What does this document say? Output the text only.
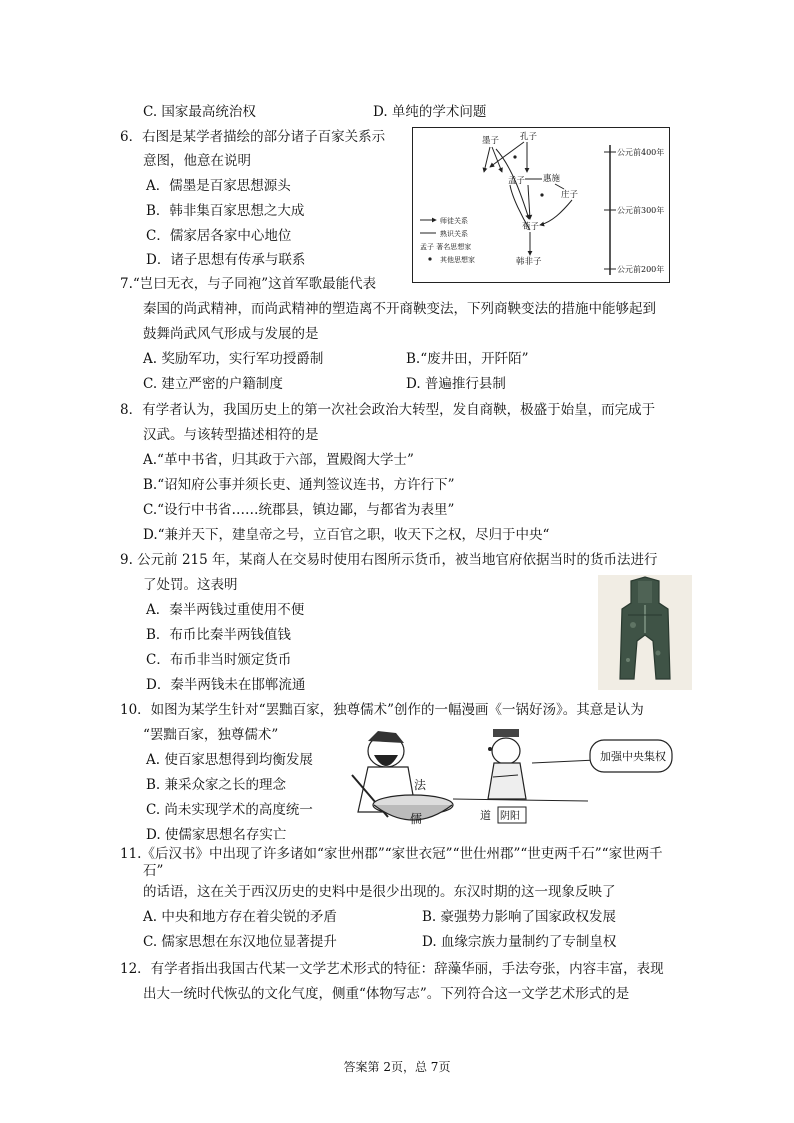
C. 国家最高统治权	D. 单纯的学术问题
6．右图是某学者描绘的部分诸子百家关系示
意图，他意在说明
A．儒墨是百家思想源头
B．韩非集百家思想之大成
C．儒家居各家中心地位
D．诸子思想有传承与联系
公元前400年
公元前300年
公元前200年
墨子 孔子
孟子 惠施
庄子
荀子
韩非子
师徒关系
熟识关系
孟子 著名思想家
其他思想家
7.“岂曰无衣，与子同袍”这首军歌最能代表
秦国的尚武精神，而尚武精神的塑造离不开商鞅变法，下列商鞅变法的措施中能够起到
鼓舞尚武风气形成与发展的是
A. 奖励军功，实行军功授爵制	B.“废井田，开阡陌”
C. 建立严密的户籍制度	D. 普遍推行县制
8．有学者认为，我国历史上的第一次社会政治大转型，发自商鞅，极盛于始皇，而完成于
汉武。与该转型描述相符的是
A.“革中书省，归其政于六部，置殿阁大学士”
B.“诏知府公事并须长吏、通判签议连书，方许行下”
C.“设行中书省……统郡县，镇边鄙，与都省为表里”
D.“兼并天下，建皇帝之号，立百官之职，收天下之权，尽归于中央“
9. 公元前 215 年，某商人在交易时使用右图所示货币，被当地官府依据当时的货币法进行
了处罚。这表明
A．秦半两钱过重使用不便
B．布币比秦半两钱值钱
C．布币非当时颁定货币
D．秦半两钱未在邯郸流通
10．如图为某学生针对“罢黜百家，独尊儒术”创作的一幅漫画《一锅好汤》。其意是认为
“罢黜百家，独尊儒术”
A. 使百家思想得到均衡发展
B. 兼采众家之长的理念
C. 尚未实现学术的高度统一
D. 使儒家思想名存实亡
法
儒	道 阴阳
加强中央集权
11.《后汉书》中出现了许多诸如“家世州郡”“家世衣冠”“世仕州郡”“世吏两千石”“家世两千
石”
的话语，这在关于西汉历史的史料中是很少出现的。东汉时期的这一现象反映了
A. 中央和地方存在着尖锐的矛盾	B. 豪强势力影响了国家政权发展
C. 儒家思想在东汉地位显著提升	D. 血缘宗族力量制约了专制皇权
12．有学者指出我国古代某一文学艺术形式的特征：辞藻华丽，手法夸张，内容丰富，表现
出大一统时代恢弘的文化气度，侧重“体物写志”。下列符合这一文学艺术形式的是
答案第 2页，总 7页
